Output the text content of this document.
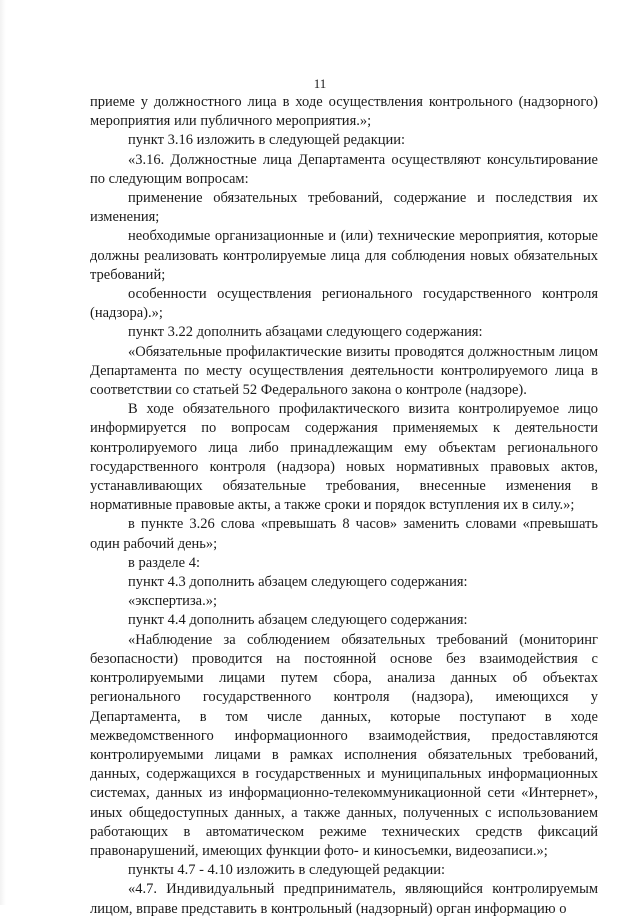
11

приеме у должностного лица в ходе осуществления контрольного (надзорного) мероприятия или публичного мероприятия.»;

пункт 3.16 изложить в следующей редакции:

«3.16. Должностные лица Департамента осуществляют консультирование по следующим вопросам:

применение обязательных требований, содержание и последствия их изменения;

необходимые организационные и (или) технические мероприятия, которые должны реализовать контролируемые лица для соблюдения новых обязательных требований;

особенности осуществления регионального государственного контроля (надзора).»;

пункт 3.22 дополнить абзацами следующего содержания:

«Обязательные профилактические визиты проводятся должностным лицом Департамента по месту осуществления деятельности контролируемого лица в соответствии со статьей 52 Федерального закона о контроле (надзоре).

В ходе обязательного профилактического визита контролируемое лицо информируется по вопросам содержания применяемых к деятельности контролируемого лица либо принадлежащим ему объектам регионального государственного контроля (надзора) новых нормативных правовых актов, устанавливающих обязательные требования, внесенные изменения в нормативные правовые акты, а также сроки и порядок вступления их в силу.»;

в пункте 3.26 слова «превышать 8 часов» заменить словами «превышать один рабочий день»;

в разделе 4:

пункт 4.3 дополнить абзацем следующего содержания:

«экспертиза.»;

пункт 4.4 дополнить абзацем следующего содержания:

«Наблюдение за соблюдением обязательных требований (мониторинг безопасности) проводится на постоянной основе без взаимодействия с контролируемыми лицами путем сбора, анализа данных об объектах регионального государственного контроля (надзора), имеющихся у Департамента, в том числе данных, которые поступают в ходе межведомственного информационного взаимодействия, предоставляются контролируемыми лицами в рамках исполнения обязательных требований, данных, содержащихся в государственных и муниципальных информационных системах, данных из информационно-телекоммуникационной сети «Интернет», иных общедоступных данных, а также данных, полученных с использованием работающих в автоматическом режиме технических средств фиксаций правонарушений, имеющих функции фото- и киносъемки, видеозаписи.»;

пункты 4.7 - 4.10 изложить в следующей редакции:

«4.7. Индивидуальный предприниматель, являющийся контролируемым лицом, вправе представить в контрольный (надзорный) орган информацию о
